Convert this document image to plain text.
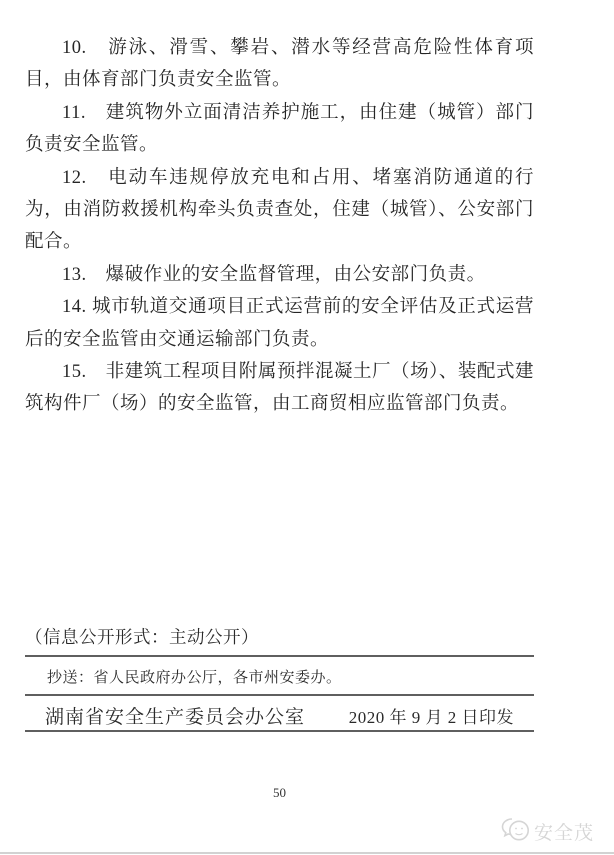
10.　游泳、滑雪、攀岩、潜水等经营高危险性体育项目，由体育部门负责安全监管。

11.　建筑物外立面清洁养护施工，由住建（城管）部门负责安全监管。

12.　电动车违规停放充电和占用、堵塞消防通道的行为，由消防救援机构牵头负责查处，住建（城管）、公安部门配合。

13.　爆破作业的安全监督管理，由公安部门负责。

14. 城市轨道交通项目正式运营前的安全评估及正式运营后的安全监管由交通运输部门负责。

15.　非建筑工程项目附属预拌混凝土厂（场）、装配式建筑构件厂（场）的安全监管，由工商贸相应监管部门负责。

（信息公开形式：主动公开）
抄送：省人民政府办公厅，各市州安委办。
湖南省安全生产委员会办公室	2020 年 9 月 2 日印发
50
安全茂
